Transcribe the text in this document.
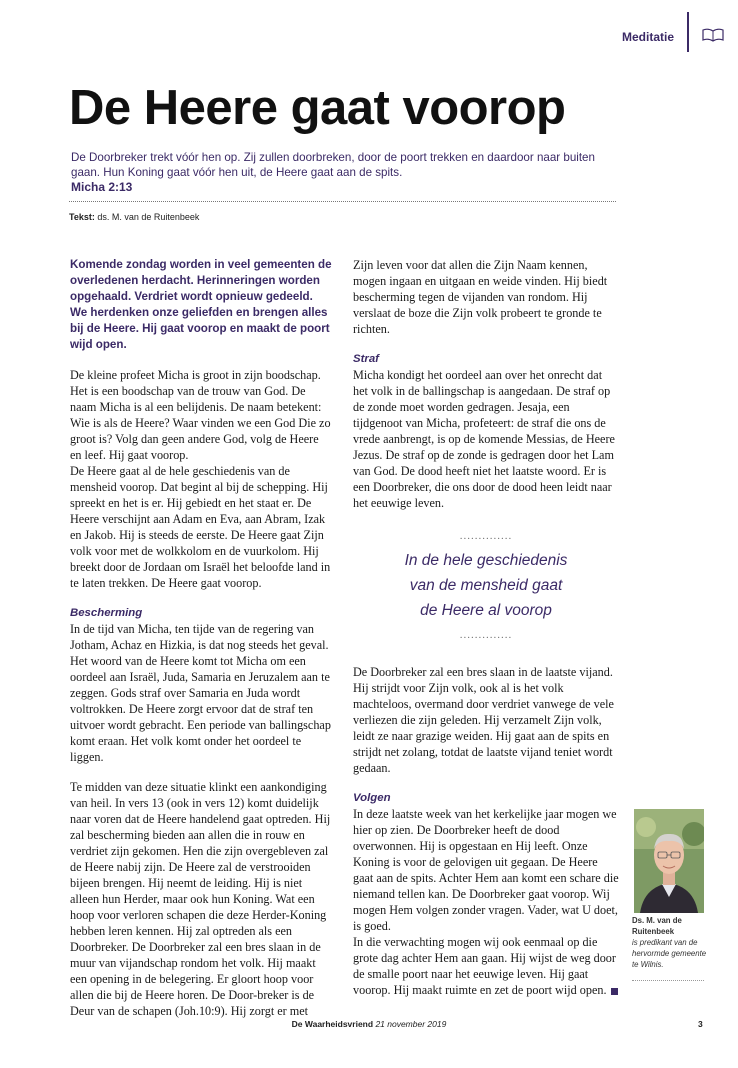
Meditatie
De Heere gaat voorop
De Doorbreker trekt vóór hen op. Zij zullen doorbreken, door de poort trekken en daardoor naar buiten gaan. Hun Koning gaat vóór hen uit, de Heere gaat aan de spits.
Micha 2:13
Tekst: ds. M. van de Ruitenbeek

Komende zondag worden in veel gemeenten de overledenen herdacht. Herinneringen worden opgehaald. Verdriet wordt opnieuw gedeeld. We herdenken onze geliefden en brengen alles bij de Heere. Hij gaat voorop en maakt de poort wijd open.

De kleine profeet Micha is groot in zijn boodschap. Het is een boodschap van de trouw van God. De naam Micha is al een belijdenis. De naam betekent: Wie is als de Heere? Waar vinden we een God Die zo groot is? Volg dan geen andere God, volg de Heere en leef. Hij gaat voorop.

De Heere gaat al de hele geschiedenis van de mensheid voorop. Dat begint al bij de schepping. Hij spreekt en het is er. Hij gebiedt en het staat er. De Heere verschijnt aan Adam en Eva, aan Abram, Izak en Jakob. Hij is steeds de eerste. De Heere gaat Zijn volk voor met de wolkkolom en de vuurkolom. Hij breekt door de Jordaan om Israël het beloofde land in te laten trekken. De Heere gaat voorop.

Bescherming

In de tijd van Micha, ten tijde van de regering van Jotham, Achaz en Hizkia, is dat nog steeds het geval. Het woord van de Heere komt tot Micha om een oordeel aan Israël, Juda, Samaria en Jeruzalem aan te zeggen. Gods straf over Samaria en Juda wordt voltrokken. De Heere zorgt ervoor dat de straf ten uitvoer wordt gebracht. Een periode van ballingschap komt eraan. Het volk komt onder het oordeel te liggen.

Te midden van deze situatie klinkt een aankondiging van heil. In vers 13 (ook in vers 12) komt duidelijk naar voren dat de Heere handelend gaat optreden. Hij zal bescherming bieden aan allen die in rouw en verdriet zijn gekomen. Hen die zijn overgebleven zal de Heere nabij zijn. De Heere zal de verstrooiden bijeen brengen. Hij neemt de leiding. Hij is niet alleen hun Herder, maar ook hun Koning. Wat een hoop voor verloren schapen die deze Herder-Koning hebben leren kennen. Hij zal optreden als een Doorbreker. De Doorbreker zal een bres slaan in de muur van vijandschap rondom het volk. Hij maakt een opening in de belegering. Er gloort hoop voor allen die bij de Heere horen. De Door-breker is de Deur van de schapen (Joh.10:9). Hij zorgt er met

Zijn leven voor dat allen die Zijn Naam kennen, mogen ingaan en uitgaan en weide vinden. Hij biedt bescherming tegen de vijanden van rondom. Hij verslaat de boze die Zijn volk probeert te gronde te richten.

Straf

Micha kondigt het oordeel aan over het onrecht dat het volk in de ballingschap is aangedaan. De straf op de zonde moet worden gedragen. Jesaja, een tijdgenoot van Micha, profeteert: de straf die ons de vrede aanbrengt, is op de komende Messias, de Heere Jezus. De straf op de zonde is gedragen door het Lam van God. De dood heeft niet het laatste woord. Er is een Doorbreker, die ons door de dood heen leidt naar het eeuwige leven.

De Doorbreker zal een bres slaan in de laatste vijand. Hij strijdt voor Zijn volk, ook al is het volk machteloos, overmand door verdriet vanwege de vele verliezen die zijn geleden. Hij verzamelt Zijn volk, leidt ze naar grazige weiden. Hij gaat aan de spits en strijdt net zolang, totdat de laatste vijand teniet wordt gedaan.

Volgen

In deze laatste week van het kerkelijke jaar mogen we hier op zien. De Doorbreker heeft de dood overwonnen. Hij is opgestaan en Hij leeft. Onze Koning is voor de gelovigen uit gegaan. De Heere gaat aan de spits. Achter Hem aan komt een schare die niemand tellen kan. De Doorbreker gaat voorop. Wij mogen Hem volgen zonder vragen. Vader, wat U doet, is goed.

In die verwachting mogen wij ook eenmaal op die grote dag achter Hem aan gaan. Hij wijst de weg door de smalle poort naar het eeuwige leven. Hij gaat voorop. Hij maakt ruimte en zet de poort wijd open.

..............
In de hele geschiedenis
van de mensheid gaat
de Heere al voorop
..............
Ds. M. van de Ruitenbeek
is predikant van de hervormde gemeente te Wilnis.
De Waarheidsvriend 21 november 2019	3
